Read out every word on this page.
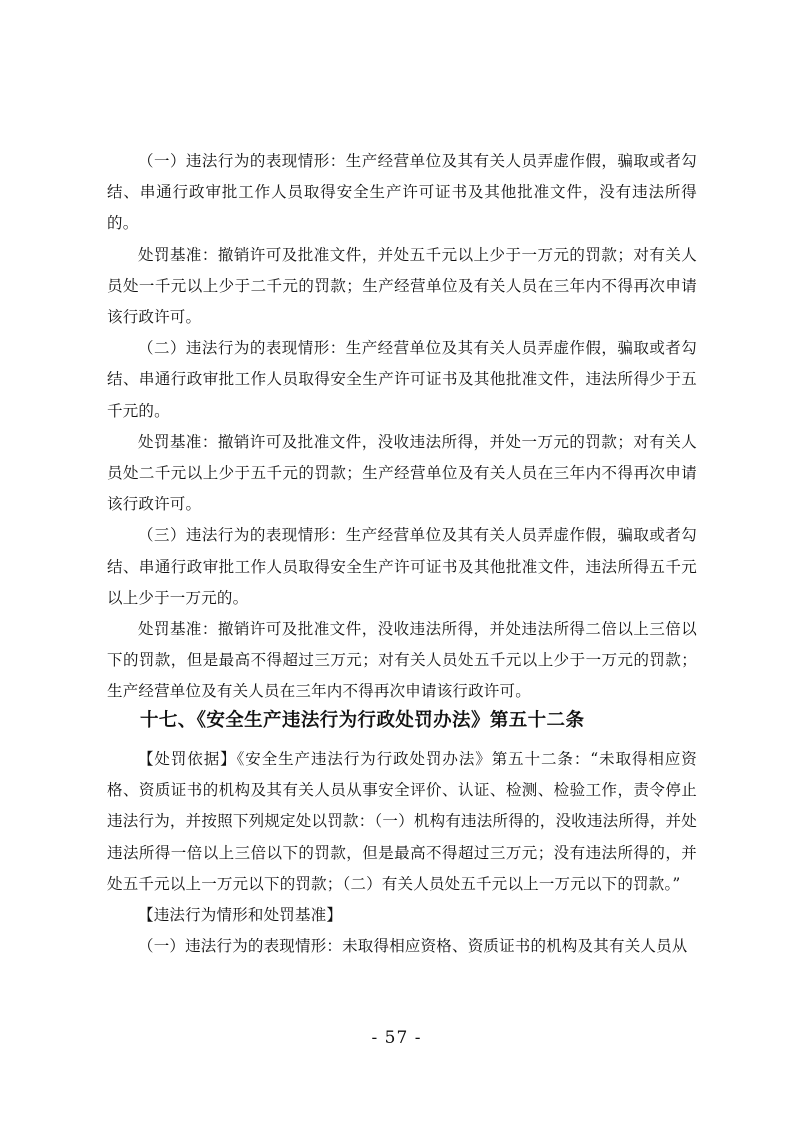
（一）违法行为的表现情形：生产经营单位及其有关人员弄虚作假，骗取或者勾结、串通行政审批工作人员取得安全生产许可证书及其他批准文件，没有违法所得的。

处罚基准：撤销许可及批准文件，并处五千元以上少于一万元的罚款；对有关人员处一千元以上少于二千元的罚款；生产经营单位及有关人员在三年内不得再次申请该行政许可。

（二）违法行为的表现情形：生产经营单位及其有关人员弄虚作假，骗取或者勾结、串通行政审批工作人员取得安全生产许可证书及其他批准文件，违法所得少于五千元的。

处罚基准：撤销许可及批准文件，没收违法所得，并处一万元的罚款；对有关人员处二千元以上少于五千元的罚款；生产经营单位及有关人员在三年内不得再次申请该行政许可。

（三）违法行为的表现情形：生产经营单位及其有关人员弄虚作假，骗取或者勾结、串通行政审批工作人员取得安全生产许可证书及其他批准文件，违法所得五千元以上少于一万元的。

处罚基准：撤销许可及批准文件，没收违法所得，并处违法所得二倍以上三倍以下的罚款，但是最高不得超过三万元；对有关人员处五千元以上少于一万元的罚款；生产经营单位及有关人员在三年内不得再次申请该行政许可。

十七、《安全生产违法行为行政处罚办法》第五十二条

【处罚依据】《安全生产违法行为行政处罚办法》第五十二条：“未取得相应资格、资质证书的机构及其有关人员从事安全评价、认证、检测、检验工作，责令停止违法行为，并按照下列规定处以罚款：（一）机构有违法所得的，没收违法所得，并处违法所得一倍以上三倍以下的罚款，但是最高不得超过三万元；没有违法所得的，并处五千元以上一万元以下的罚款；（二）有关人员处五千元以上一万元以下的罚款。”

【违法行为情形和处罚基准】

（一）违法行为的表现情形：未取得相应资格、资质证书的机构及其有关人员从

- 57 -
